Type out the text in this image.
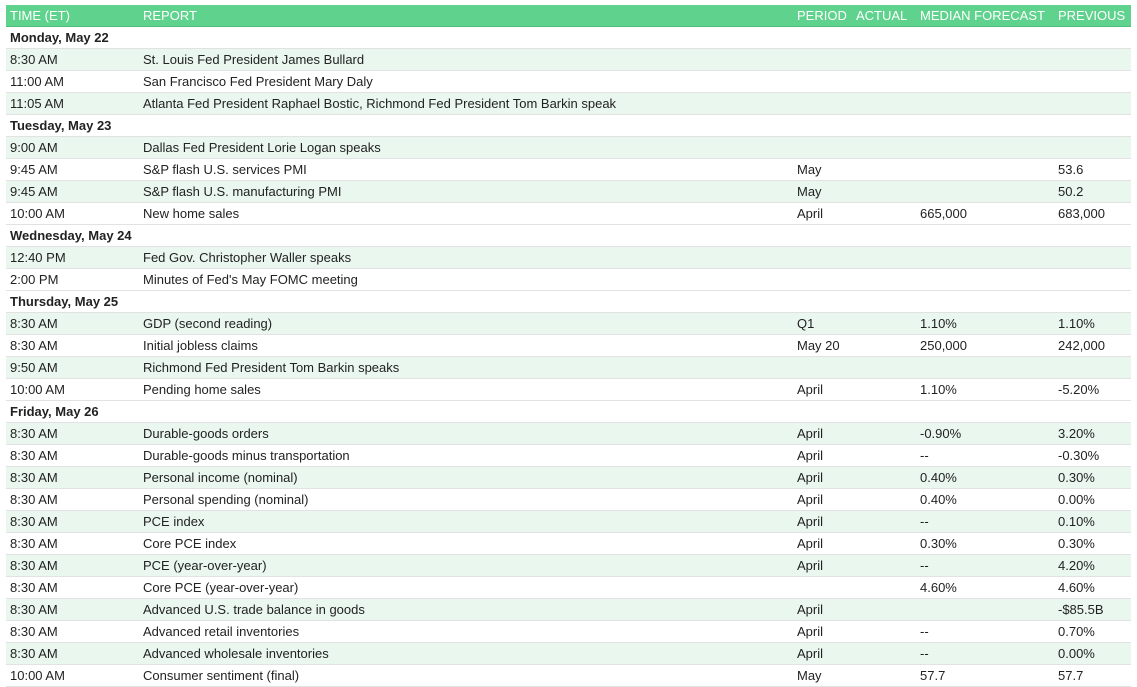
TIME (ET)	REPORT	PERIOD	ACTUAL	MEDIAN FORECAST	PREVIOUS
Monday, May 22					
8:30 AM	St. Louis Fed President James Bullard				
11:00 AM	San Francisco Fed President Mary Daly				
11:05 AM	Atlanta Fed President Raphael Bostic, Richmond Fed President Tom Barkin speak				
Tuesday, May 23					
9:00 AM	Dallas Fed President Lorie Logan speaks				
9:45 AM	S&P flash U.S. services PMI	May			53.6
9:45 AM	S&P flash U.S. manufacturing PMI	May			50.2
10:00 AM	New home sales	April		665,000	683,000
Wednesday, May 24					
12:40 PM	Fed Gov. Christopher Waller speaks				
2:00 PM	Minutes of Fed's May FOMC meeting				
Thursday, May 25					
8:30 AM	GDP (second reading)	Q1		1.10%	1.10%
8:30 AM	Initial jobless claims	May 20		250,000	242,000
9:50 AM	Richmond Fed President Tom Barkin speaks				
10:00 AM	Pending home sales	April		1.10%	-5.20%
Friday, May 26					
8:30 AM	Durable-goods orders	April		-0.90%	3.20%
8:30 AM	Durable-goods minus transportation	April		--	-0.30%
8:30 AM	Personal income (nominal)	April		0.40%	0.30%
8:30 AM	Personal spending (nominal)	April		0.40%	0.00%
8:30 AM	PCE index	April		--	0.10%
8:30 AM	Core PCE index	April		0.30%	0.30%
8:30 AM	PCE (year-over-year)	April		--	4.20%
8:30 AM	Core PCE (year-over-year)			4.60%	4.60%
8:30 AM	Advanced U.S. trade balance in goods	April			-$85.5B
8:30 AM	Advanced retail inventories	April		--	0.70%
8:30 AM	Advanced wholesale inventories	April		--	0.00%
10:00 AM	Consumer sentiment (final)	May		57.7	57.7
